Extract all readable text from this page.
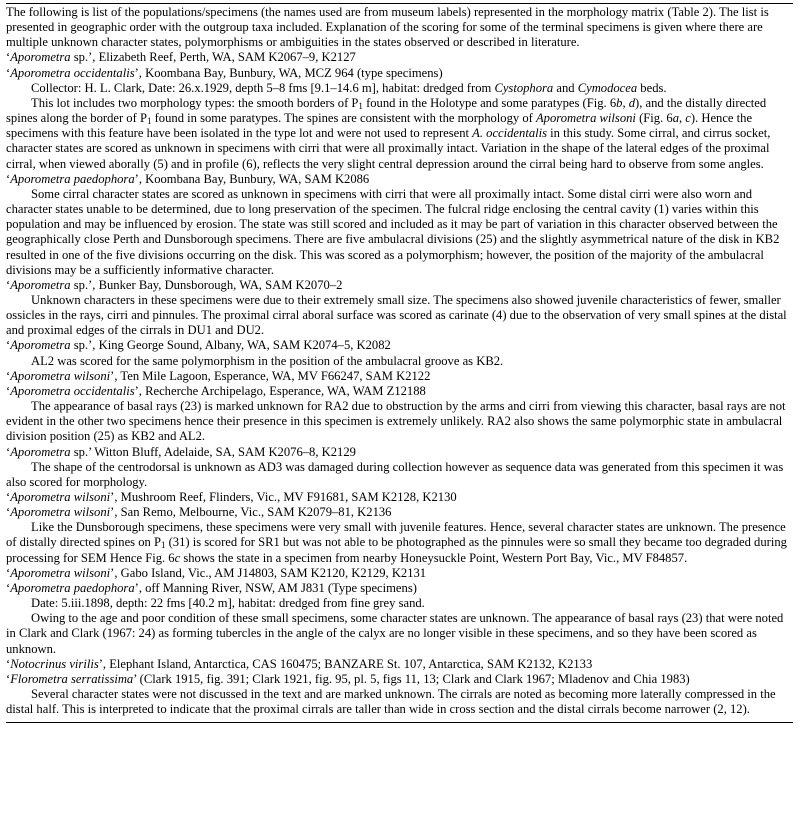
The following is list of the populations/specimens (the names used are from museum labels) represented in the morphology matrix (Table 2). The list is presented in geographic order with the outgroup taxa included. Explanation of the scoring for some of the terminal specimens is given where there are multiple unknown character states, polymorphisms or ambiguities in the states observed or described in literature.

‘Aporometra sp.’, Elizabeth Reef, Perth, WA, SAM K2067–9, K2127

‘Aporometra occidentalis’, Koombana Bay, Bunbury, WA, MCZ 964 (type specimens)

Collector: H. L. Clark, Date: 26.x.1929, depth 5–8 fms [9.1–14.6 m], habitat: dredged from Cystophora and Cymodocea beds.

This lot includes two morphology types: the smooth borders of $P_1$ found in the Holotype and some paratypes (Fig. 6b, d), and the distally directed spines along the border of $P_1$ found in some paratypes. The spines are consistent with the morphology of Aporometra wilsoni (Fig. 6a, c). Hence the specimens with this feature have been isolated in the type lot and were not used to represent A. occidentalis in this study. Some cirral, and cirrus socket, character states are scored as unknown in specimens with cirri that were all proximally intact. Variation in the shape of the lateral edges of the proximal cirral, when viewed aborally (5) and in profile (6), reflects the very slight central depression around the cirral being hard to observe from some angles.

‘Aporometra paedophora’, Koombana Bay, Bunbury, WA, SAM K2086

Some cirral character states are scored as unknown in specimens with cirri that were all proximally intact. Some distal cirri were also worn and character states unable to be determined, due to long preservation of the specimen. The fulcral ridge enclosing the central cavity (1) varies within this population and may be influenced by erosion. The state was still scored and included as it may be part of variation in this character observed between the geographically close Perth and Dunsborough specimens. There are five ambulacral divisions (25) and the slightly asymmetrical nature of the disk in KB2 resulted in one of the five divisions occurring on the disk. This was scored as a polymorphism; however, the position of the majority of the ambulacral divisions may be a sufficiently informative character.

‘Aporometra sp.’, Bunker Bay, Dunsborough, WA, SAM K2070–2

Unknown characters in these specimens were due to their extremely small size. The specimens also showed juvenile characteristics of fewer, smaller ossicles in the rays, cirri and pinnules. The proximal cirral aboral surface was scored as carinate (4) due to the observation of very small spines at the distal and proximal edges of the cirrals in DU1 and DU2.

‘Aporometra sp.’, King George Sound, Albany, WA, SAM K2074–5, K2082

AL2 was scored for the same polymorphism in the position of the ambulacral groove as KB2.

‘Aporometra wilsoni’, Ten Mile Lagoon, Esperance, WA, MV F66247, SAM K2122

‘Aporometra occidentalis’, Recherche Archipelago, Esperance, WA, WAM Z12188

The appearance of basal rays (23) is marked unknown for RA2 due to obstruction by the arms and cirri from viewing this character, basal rays are not evident in the other two specimens hence their presence in this specimen is extremely unlikely. RA2 also shows the same polymorphic state in ambulacral division position (25) as KB2 and AL2.

‘Aporometra sp.’ Witton Bluff, Adelaide, SA, SAM K2076–8, K2129

The shape of the centrodorsal is unknown as AD3 was damaged during collection however as sequence data was generated from this specimen it was also scored for morphology.

‘Aporometra wilsoni’, Mushroom Reef, Flinders, Vic., MV F91681, SAM K2128, K2130

‘Aporometra wilsoni’, San Remo, Melbourne, Vic., SAM K2079–81, K2136

Like the Dunsborough specimens, these specimens were very small with juvenile features. Hence, several character states are unknown. The presence of distally directed spines on $P_1$ (31) is scored for SR1 but was not able to be photographed as the pinnules were so small they became too degraded during processing for SEM Hence Fig. 6c shows the state in a specimen from nearby Honeysuckle Point, Western Port Bay, Vic., MV F84857.

‘Aporometra wilsoni’, Gabo Island, Vic., AM J14803, SAM K2120, K2129, K2131

‘Aporometra paedophora’, off Manning River, NSW, AM J831 (Type specimens)

Date: 5.iii.1898, depth: 22 fms [40.2 m], habitat: dredged from fine grey sand.

Owing to the age and poor condition of these small specimens, some character states are unknown. The appearance of basal rays (23) that were noted in Clark and Clark (1967: 24) as forming tubercles in the angle of the calyx are no longer visible in these specimens, and so they have been scored as unknown.

‘Notocrinus virilis’, Elephant Island, Antarctica, CAS 160475; BANZARE St. 107, Antarctica, SAM K2132, K2133

‘Florometra serratissima’ (Clark 1915, fig. 391; Clark 1921, fig. 95, pl. 5, figs 11, 13; Clark and Clark 1967; Mladenov and Chia 1983)

Several character states were not discussed in the text and are marked unknown. The cirrals are noted as becoming more laterally compressed in the distal half. This is interpreted to indicate that the proximal cirrals are taller than wide in cross section and the distal cirrals become narrower (2, 12).
